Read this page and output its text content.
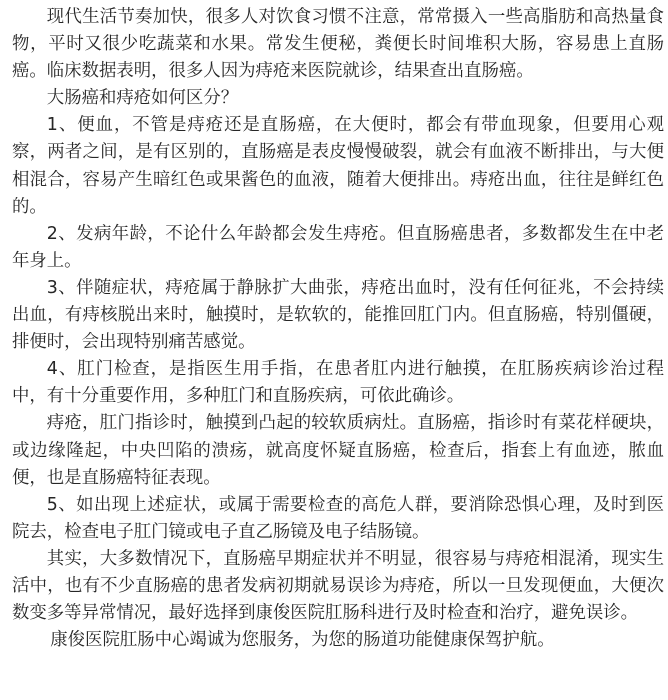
现代生活节奏加快，很多人对饮食习惯不注意，常常摄入一些高脂肪和高热量食物，平时又很少吃蔬菜和水果。常发生便秘，粪便长时间堆积大肠，容易患上直肠癌。临床数据表明，很多人因为痔疮来医院就诊，结果查出直肠癌。

大肠癌和痔疮如何区分？

1、便血，不管是痔疮还是直肠癌，在大便时，都会有带血现象，但要用心观察，两者之间，是有区别的，直肠癌是表皮慢慢破裂，就会有血液不断排出，与大便相混合，容易产生暗红色或果酱色的血液，随着大便排出。痔疮出血，往往是鲜红色的。

2、发病年龄，不论什么年龄都会发生痔疮。但直肠癌患者，多数都发生在中老年身上。

3、伴随症状，痔疮属于静脉扩大曲张，痔疮出血时，没有任何征兆，不会持续出血，有痔核脱出来时，触摸时，是软软的，能推回肛门内。但直肠癌，特别僵硬，排便时，会出现特别痛苦感觉。

4、肛门检查，是指医生用手指，在患者肛内进行触摸，在肛肠疾病诊治过程中，有十分重要作用，多种肛门和直肠疾病，可依此确诊。

痔疮，肛门指诊时，触摸到凸起的较软质病灶。直肠癌，指诊时有菜花样硬块，或边缘隆起，中央凹陷的溃疡，就高度怀疑直肠癌，检查后，指套上有血迹，脓血便，也是直肠癌特征表现。

5、如出现上述症状，或属于需要检查的高危人群，要消除恐惧心理，及时到医院去，检查电子肛门镜或电子直乙肠镜及电子结肠镜。

其实，大多数情况下，直肠癌早期症状并不明显，很容易与痔疮相混淆，现实生活中，也有不少直肠癌的患者发病初期就易误诊为痔疮，所以一旦发现便血，大便次数变多等异常情况，最好选择到康俊医院肛肠科进行及时检查和治疗，避免误诊。

康俊医院肛肠中心竭诚为您服务，为您的肠道功能健康保驾护航。
